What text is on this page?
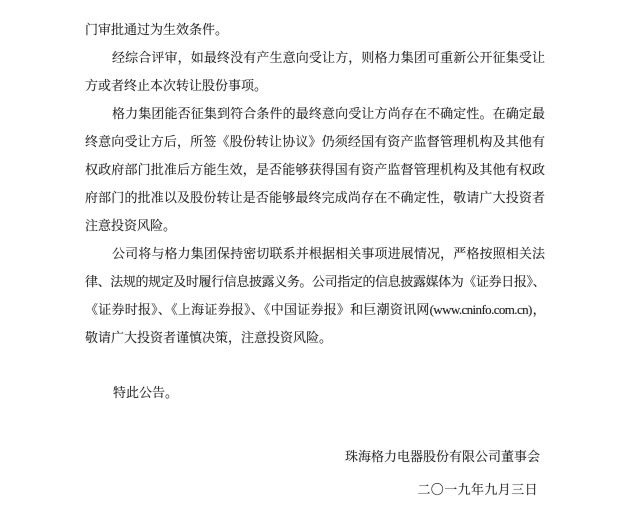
门审批通过为生效条件。
经综合评审，如最终没有产生意向受让方，则格力集团可重新公开征集受让
方或者终止本次转让股份事项。
格力集团能否征集到符合条件的最终意向受让方尚存在不确定性。在确定最
终意向受让方后，所签《股份转让协议》仍须经国有资产监督管理机构及其他有
权政府部门批准后方能生效，是否能够获得国有资产监督管理机构及其他有权政
府部门的批准以及股份转让是否能够最终完成尚存在不确定性，敬请广大投资者
注意投资风险。
公司将与格力集团保持密切联系并根据相关事项进展情况，严格按照相关法
律、法规的规定及时履行信息披露义务。公司指定的信息披露媒体为《证券日报》、
《证券时报》、《上海证券报》、《中国证券报》和巨潮资讯网(www.cninfo.com.cn)，
敬请广大投资者谨慎决策，注意投资风险。
特此公告。
珠海格力电器股份有限公司董事会
二〇一九年九月三日
